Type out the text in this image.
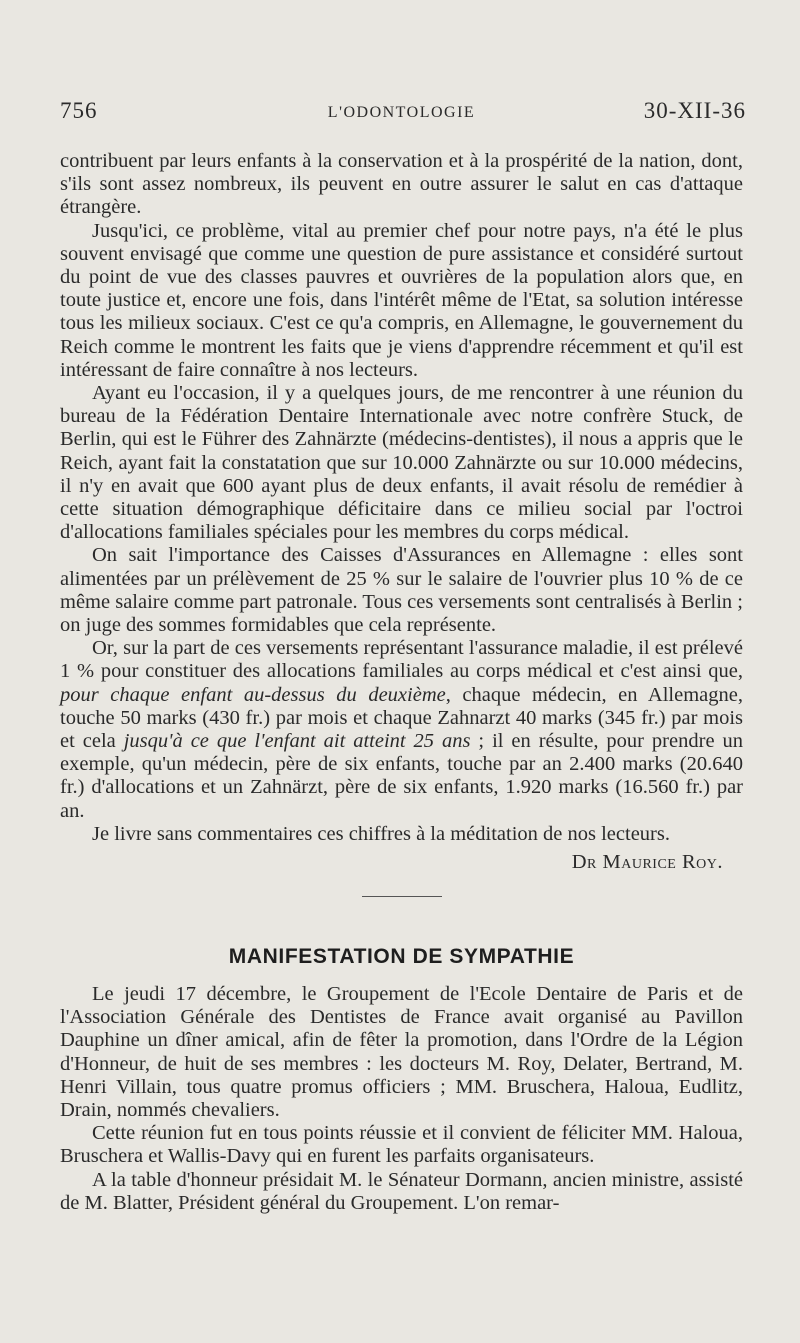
756	L'ODONTOLOGIE	30-XII-36

contribuent par leurs enfants à la conservation et à la prospérité de la nation, dont, s'ils sont assez nombreux, ils peuvent en outre assurer le salut en cas d'attaque étrangère.

Jusqu'ici, ce problème, vital au premier chef pour notre pays, n'a été le plus souvent envisagé que comme une question de pure assistance et considéré surtout du point de vue des classes pauvres et ouvrières de la population alors que, en toute justice et, encore une fois, dans l'intérêt même de l'Etat, sa solution intéresse tous les milieux sociaux. C'est ce qu'a compris, en Allemagne, le gouvernement du Reich comme le montrent les faits que je viens d'apprendre récemment et qu'il est intéressant de faire connaître à nos lecteurs.

Ayant eu l'occasion, il y a quelques jours, de me rencontrer à une réunion du bureau de la Fédération Dentaire Internationale avec notre confrère Stuck, de Berlin, qui est le Führer des Zahnärzte (médecins-dentistes), il nous a appris que le Reich, ayant fait la constatation que sur 10.000 Zahnärzte ou sur 10.000 médecins, il n'y en avait que 600 ayant plus de deux enfants, il avait résolu de remédier à cette situation démographique déficitaire dans ce milieu social par l'octroi d'allocations familiales spéciales pour les membres du corps médical.

On sait l'importance des Caisses d'Assurances en Allemagne : elles sont alimentées par un prélèvement de 25 % sur le salaire de l'ouvrier plus 10 % de ce même salaire comme part patronale. Tous ces versements sont centralisés à Berlin ; on juge des sommes formidables que cela représente.

Or, sur la part de ces versements représentant l'assurance maladie, il est prélevé 1 % pour constituer des allocations familiales au corps médical et c'est ainsi que, pour chaque enfant au-dessus du deuxième, chaque médecin, en Allemagne, touche 50 marks (430 fr.) par mois et chaque Zahnarzt 40 marks (345 fr.) par mois et cela jusqu'à ce que l'enfant ait atteint 25 ans ; il en résulte, pour prendre un exemple, qu'un médecin, père de six enfants, touche par an 2.400 marks (20.640 fr.) d'allocations et un Zahnärzt, père de six enfants, 1.920 marks (16.560 fr.) par an.

Je livre sans commentaires ces chiffres à la méditation de nos lecteurs.

Dr Maurice Roy.
MANIFESTATION DE SYMPATHIE

Le jeudi 17 décembre, le Groupement de l'Ecole Dentaire de Paris et de l'Association Générale des Dentistes de France avait organisé au Pavillon Dauphine un dîner amical, afin de fêter la promotion, dans l'Ordre de la Légion d'Honneur, de huit de ses membres : les docteurs M. Roy, Delater, Bertrand, M. Henri Villain, tous quatre promus officiers ; MM. Bruschera, Haloua, Eudlitz, Drain, nommés chevaliers.

Cette réunion fut en tous points réussie et il convient de féliciter MM. Haloua, Bruschera et Wallis-Davy qui en furent les parfaits organisateurs.

A la table d'honneur présidait M. le Sénateur Dormann, ancien ministre, assisté de M. Blatter, Président général du Groupement. L'on remar-
